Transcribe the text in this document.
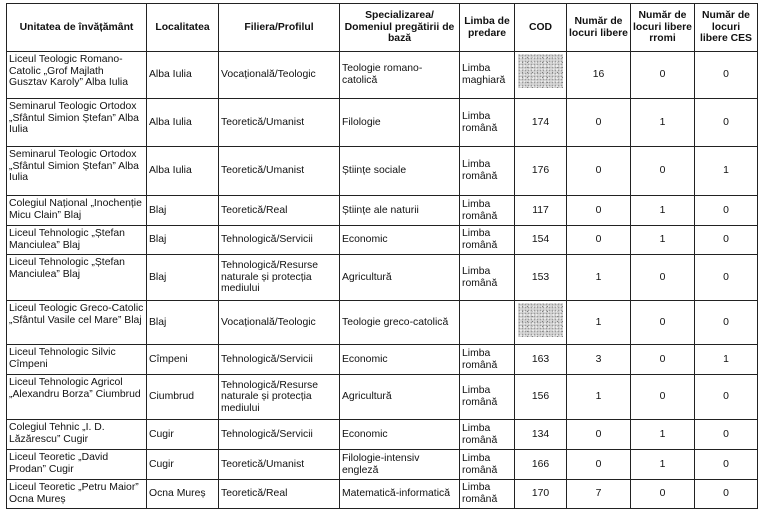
Unitatea de învățământ	Localitatea	Filiera/Profilul	Specializarea/ Domeniul pregătirii de bază	Limba de predare	COD	Număr de locuri libere	Număr de locuri libere rromi	Număr de locuri libere CES
Liceul Teologic Romano-Catolic „Grof Majlath Gusztav Karoly” Alba Iulia	Alba Iulia	Vocațională/Teologic	Teologie romano-catolică	Limba maghiară		16	0	0
Seminarul Teologic Ortodox „Sfântul Simion Ștefan” Alba Iulia	Alba Iulia	Teoretică/Umanist	Filologie	Limba română	174	0	1	0
Seminarul Teologic Ortodox „Sfântul Simion Ștefan” Alba Iulia	Alba Iulia	Teoretică/Umanist	Științe sociale	Limba română	176	0	0	1
Colegiul Național „Inochenție Micu Clain” Blaj	Blaj	Teoretică/Real	Științe ale naturii	Limba română	117	0	1	0
Liceul Tehnologic „Ștefan Manciulea” Blaj	Blaj	Tehnologică/Servicii	Economic	Limba română	154	0	1	0
Liceul Tehnologic „Ștefan Manciulea” Blaj	Blaj	Tehnologică/Resurse naturale și protecția mediului	Agricultură	Limba română	153	1	0	0
Liceul Teologic Greco-Catolic „Sfântul Vasile cel Mare” Blaj	Blaj	Vocațională/Teologic	Teologie greco-catolică			1	0	0
Liceul Tehnologic Silvic Cîmpeni	Cîmpeni	Tehnologică/Servicii	Economic	Limba română	163	3	0	1
Liceul Tehnologic Agricol „Alexandru Borza” Ciumbrud	Ciumbrud	Tehnologică/Resurse naturale și protecția mediului	Agricultură	Limba română	156	1	0	0
Colegiul Tehnic „I. D. Lăzărescu” Cugir	Cugir	Tehnologică/Servicii	Economic	Limba română	134	0	1	0
Liceul Teoretic „David Prodan” Cugir	Cugir	Teoretică/Umanist	Filologie-intensiv engleză	Limba română	166	0	1	0
Liceul Teoretic „Petru Maior” Ocna Mureș	Ocna Mureș	Teoretică/Real	Matematică-informatică	Limba română	170	7	0	0
